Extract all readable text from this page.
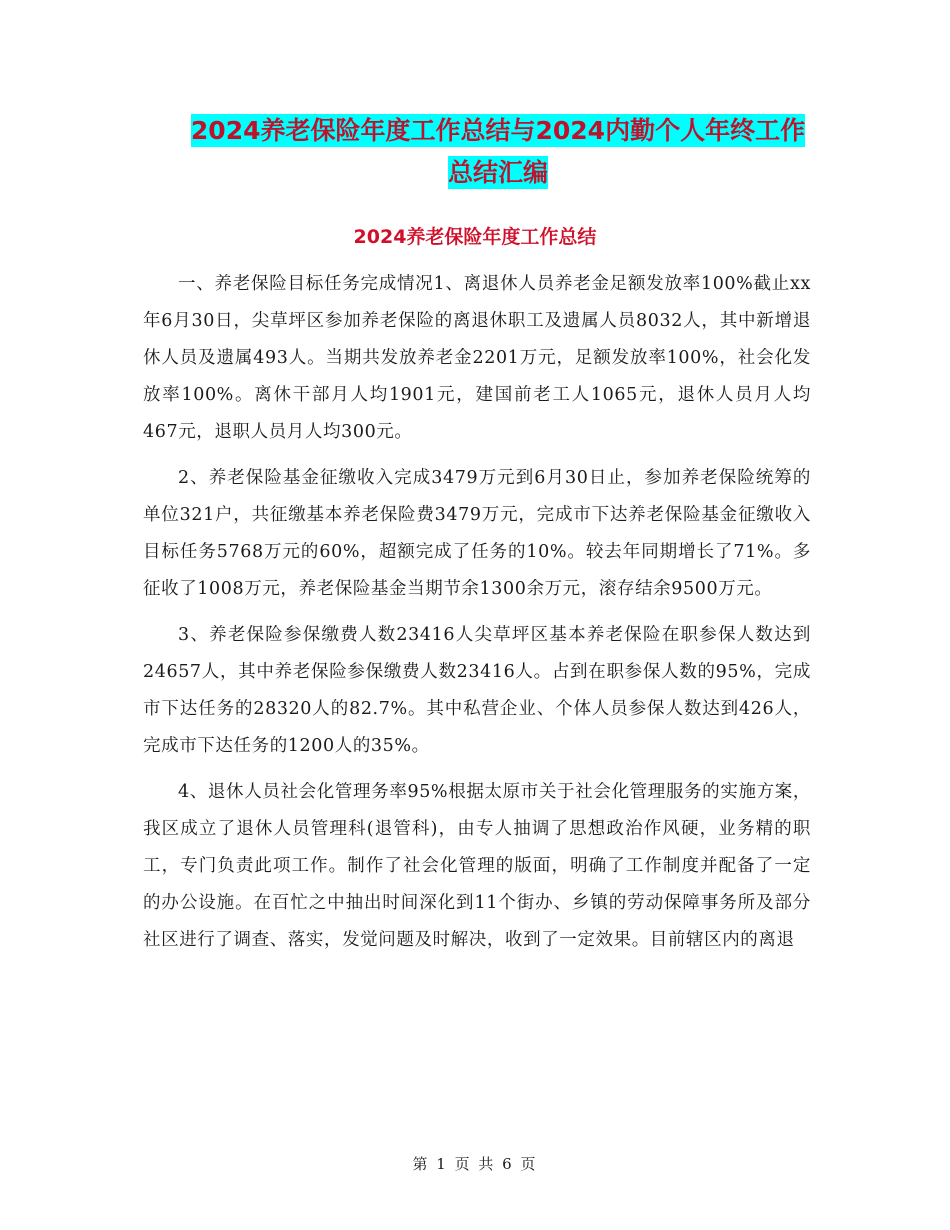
2024养老保险年度工作总结与2024内勤个人年终工作
总结汇编
2024养老保险年度工作总结

一、养老保险目标任务完成情况1、离退休人员养老金足额发放率100%截止xx年6月30日，尖草坪区参加养老保险的离退休职工及遗属人员8032人，其中新增退休人员及遗属493人。当期共发放养老金2201万元，足额发放率100%，社会化发放率100%。离休干部月人均1901元，建国前老工人1065元，退休人员月人均467元，退职人员月人均300元。

2、养老保险基金征缴收入完成3479万元到6月30日止，参加养老保险统筹的单位321户，共征缴基本养老保险费3479万元，完成市下达养老保险基金征缴收入目标任务5768万元的60%，超额完成了任务的10%。较去年同期增长了71%。多征收了1008万元，养老保险基金当期节余1300余万元，滚存结余9500万元。

3、养老保险参保缴费人数23416人尖草坪区基本养老保险在职参保人数达到24657人，其中养老保险参保缴费人数23416人。占到在职参保人数的95%，完成市下达任务的28320人的82.7%。其中私营企业、个体人员参保人数达到426人，完成市下达任务的1200人的35%。

4、退休人员社会化管理务率95%根据太原市关于社会化管理服务的实施方案，我区成立了退休人员管理科(退管科)，由专人抽调了思想政治作风硬，业务精的职工，专门负责此项工作。制作了社会化管理的版面，明确了工作制度并配备了一定的办公设施。在百忙之中抽出时间深化到11个街办、乡镇的劳动保障事务所及部分社区进行了调查、落实，发觉问题及时解决，收到了一定效果。目前辖区内的离退

第 1 页 共 6 页
